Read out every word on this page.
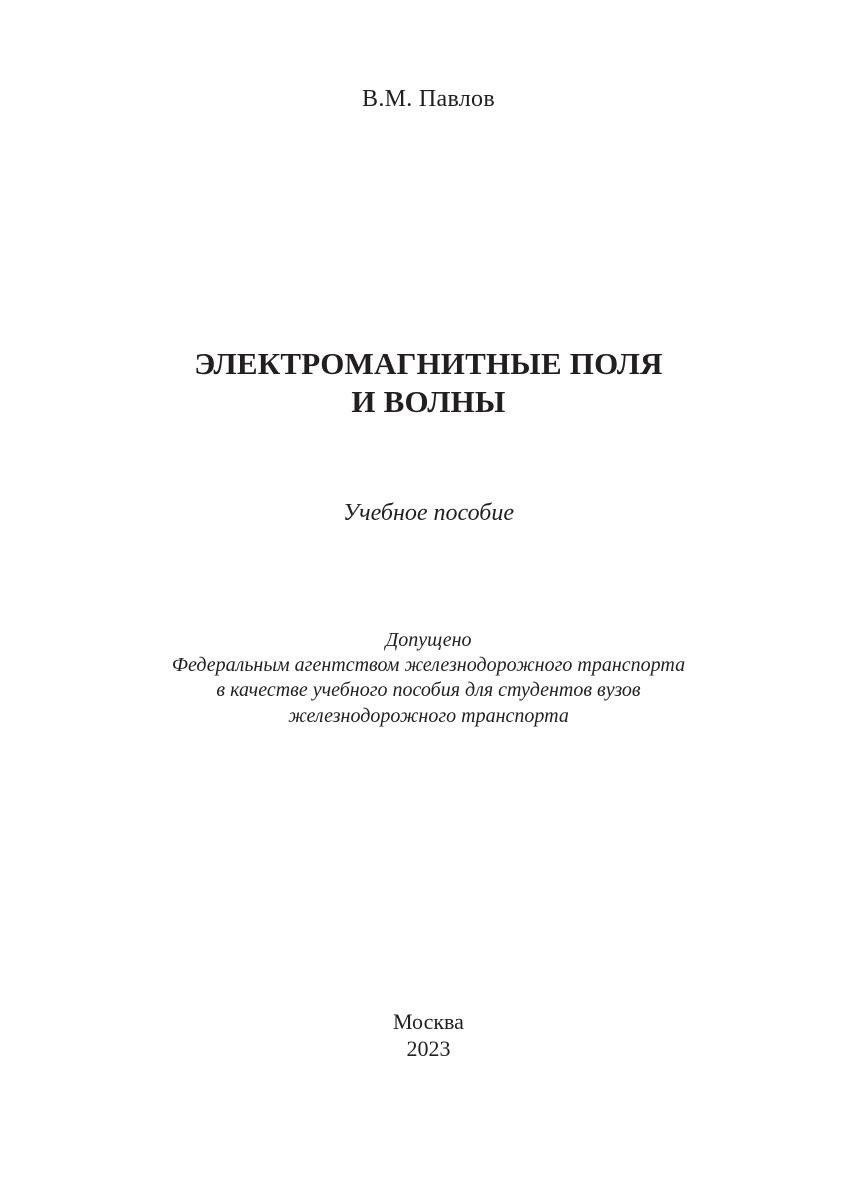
В.М. Павлов
ЭЛЕКТРОМАГНИТНЫЕ ПОЛЯ
И ВОЛНЫ
Учебное пособие
Допущено
Федеральным агентством железнодорожного транспорта
в качестве учебного пособия для студентов вузов
железнодорожного транспорта
Москва
2023
